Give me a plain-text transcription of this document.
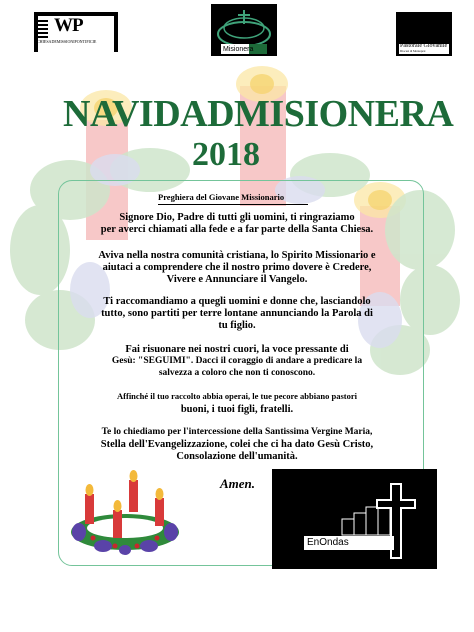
WP
CHIESADEMISSIONIPONTIFICIE
Misionera	Pastorale Giovanile
Diocesi di Monteprat
NAVIDADMISIONERA
2018
Preghiera del Giovane Missionario
Signore Dio, Padre di tutti gli uomini, ti ringraziamo
per averci chiamati alla fede e a far parte della Santa Chiesa.
Aviva nella nostra comunità cristiana, lo Spirito Missionario e
aiutaci a comprendere che il nostro primo dovere è Credere,
Vivere e Annunciare il Vangelo.
Ti raccomandiamo a quegli uomini e donne che, lasciandolo
tutto, sono partiti per terre lontane annunciando la Parola di
tu figlio.
Fai risuonare nei nostri cuori, la voce pressante di
Gesù: "SEGUIMI". Dacci il coraggio di andare a predicare la
salvezza a coloro che non ti conoscono.
Affinché il tuo raccolto abbia operai, le tue pecore abbiano pastori
buoni, i tuoi figli, fratelli.
Te lo chiediamo per l'intercessione della Santissima Vergine Maria,
Stella dell'Evangelizzazione, colei che ci ha dato Gesù Cristo,
Consolazione dell'umanità.
Amen.
EnOndas
